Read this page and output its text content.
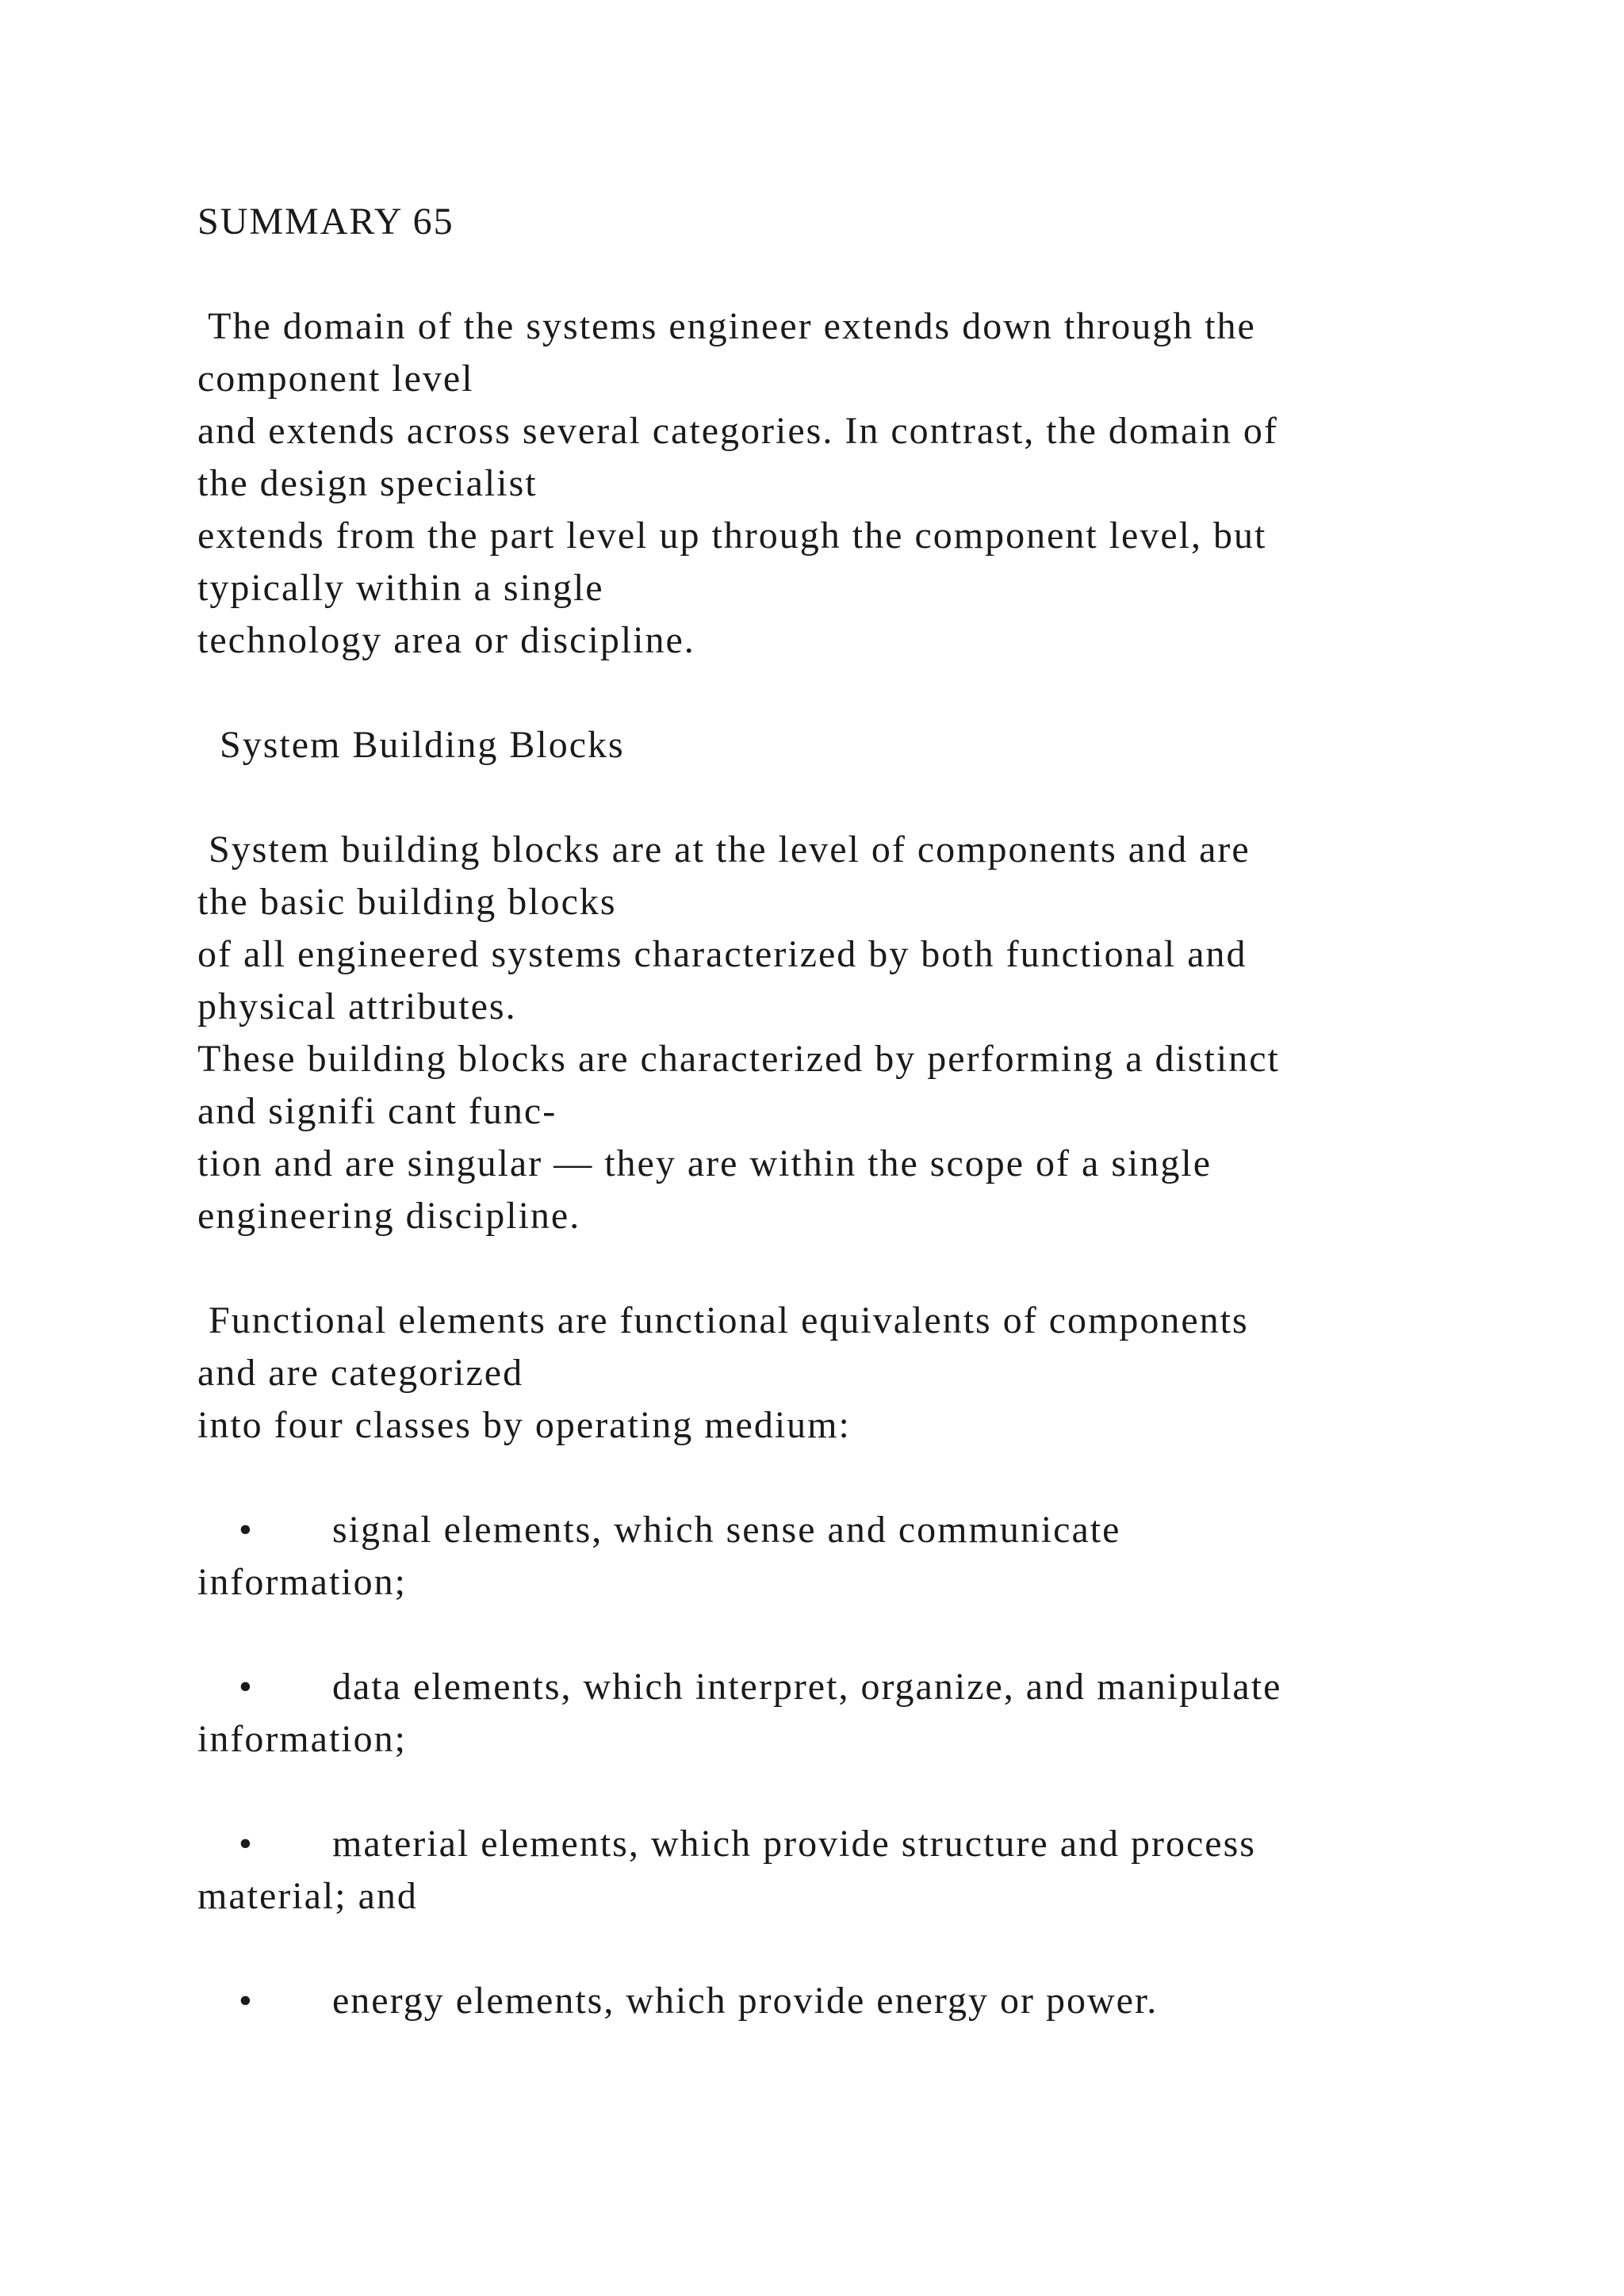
SUMMARY 65
The domain of the systems engineer extends down through the
component level
and extends across several categories. In contrast, the domain of
the design specialist
extends from the part level up through the component level, but
typically within a single
technology area or discipline.
System Building Blocks
System building blocks are at the level of components and are
the basic building blocks
of all engineered systems characterized by both functional and
physical attributes.
These building blocks are characterized by performing a distinct
and signifi cant func-
tion and are singular — they are within the scope of a single
engineering discipline.
Functional elements are functional equivalents of components
and are categorized
into four classes by operating medium:

•

signal elements, which sense and communicate

information;

•

data elements, which interpret, organize, and manipulate

information;

•

material elements, which provide structure and process

material; and

•

energy elements, which provide energy or power.
